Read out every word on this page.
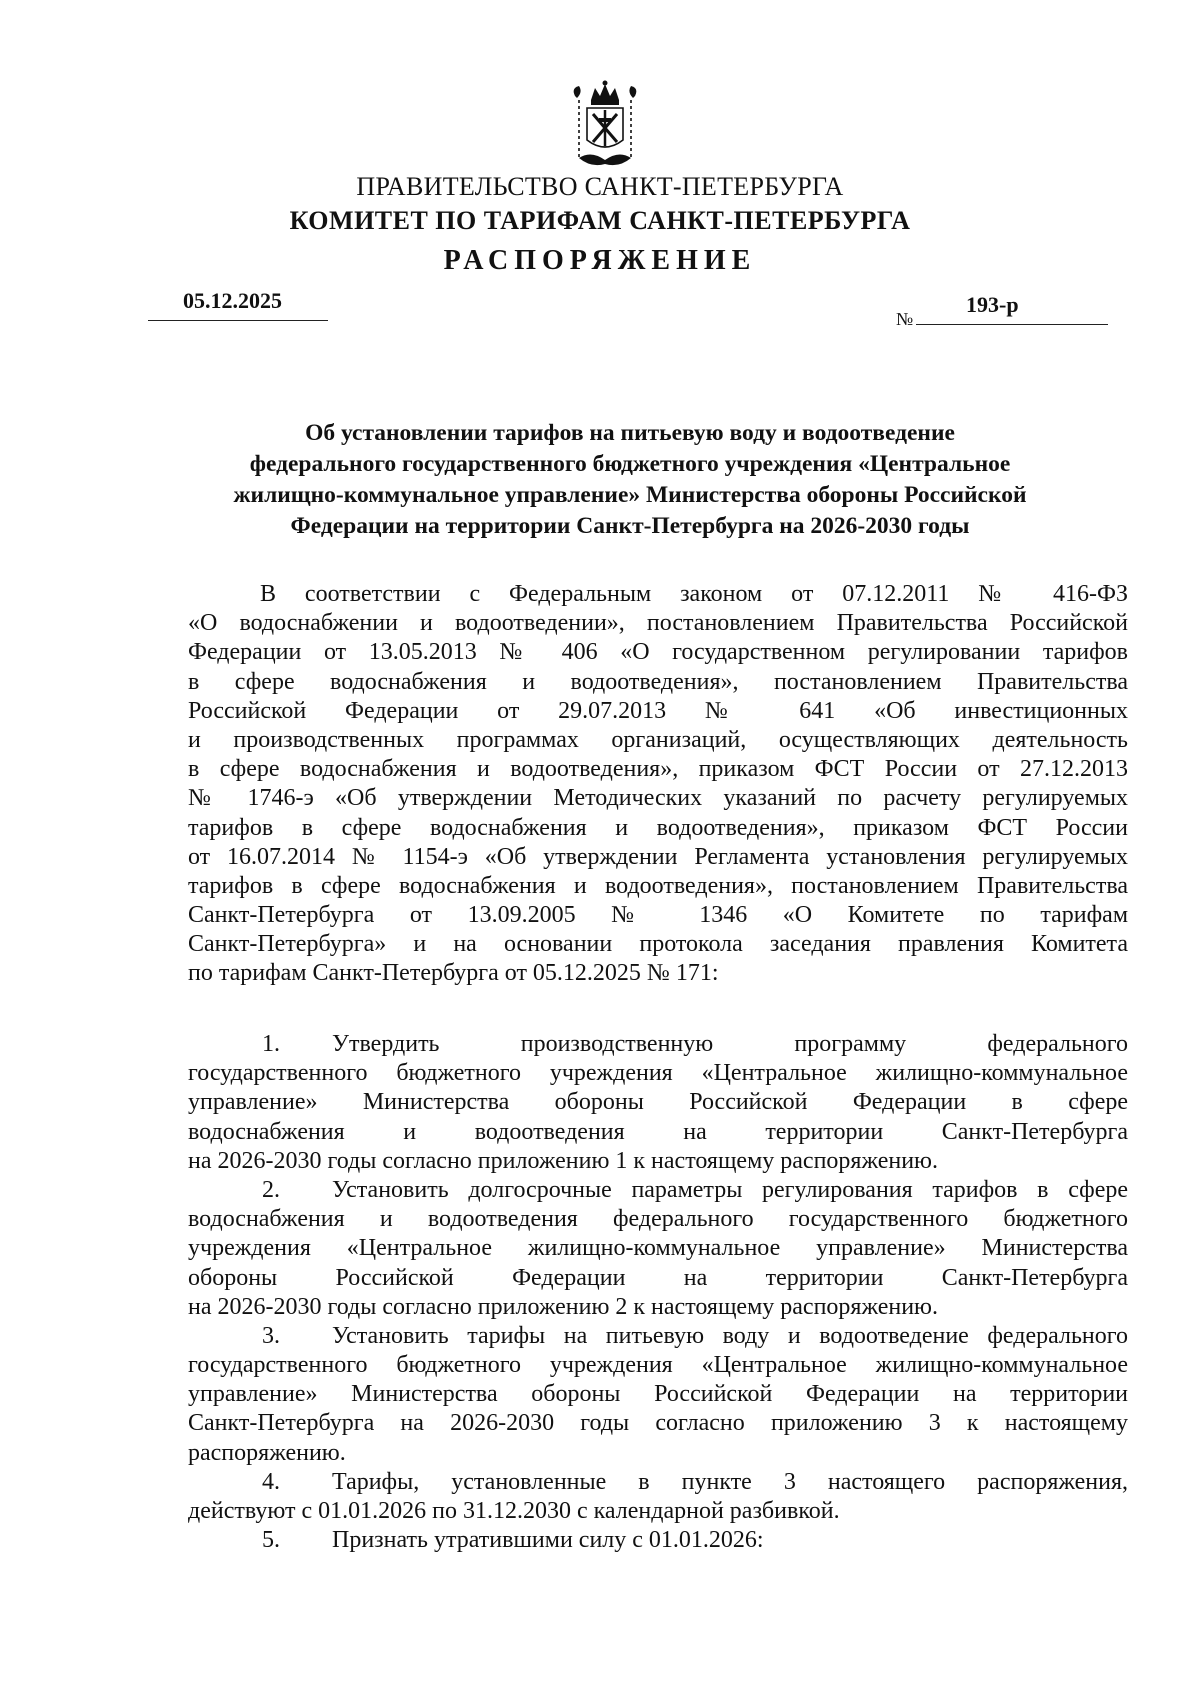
ПРАВИТЕЛЬСТВО САНКТ-ПЕТЕРБУРГА
КОМИТЕТ ПО ТАРИФАМ САНКТ-ПЕТЕРБУРГА
РАСПОРЯЖЕНИЕ
05.12.2025
№
193-р
Об установлении тарифов на питьевую воду и водоотведение
федерального государственного бюджетного учреждения «Центральное
жилищно-коммунальное управление» Министерства обороны Российской
Федерации на территории Санкт-Петербурга на 2026-2030 годы
В соответствии с Федеральным законом от 07.12.2011 № 416-ФЗ
«О водоснабжении и водоотведении», постановлением Правительства Российской
Федерации от 13.05.2013 № 406 «О государственном регулировании тарифов
в сфере водоснабжения и водоотведения», постановлением Правительства
Российской Федерации от 29.07.2013 № 641 «Об инвестиционных
и производственных программах организаций, осуществляющих деятельность
в сфере водоснабжения и водоотведения», приказом ФСТ России от 27.12.2013
№ 1746-э «Об утверждении Методических указаний по расчету регулируемых
тарифов в сфере водоснабжения и водоотведения», приказом ФСТ России
от 16.07.2014 № 1154-э «Об утверждении Регламента установления регулируемых
тарифов в сфере водоснабжения и водоотведения», постановлением Правительства
Санкт-Петербурга от 13.09.2005 № 1346 «О Комитете по тарифам
Санкт-Петербурга» и на основании протокола заседания правления Комитета
по тарифам Санкт-Петербурга от 05.12.2025 № 171:
1. Утвердить производственную программу федерального
государственного бюджетного учреждения «Центральное жилищно-коммунальное
управление» Министерства обороны Российской Федерации в сфере
водоснабжения и водоотведения на территории Санкт-Петербурга
на 2026-2030 годы согласно приложению 1 к настоящему распоряжению.
2. Установить долгосрочные параметры регулирования тарифов в сфере
водоснабжения и водоотведения федерального государственного бюджетного
учреждения «Центральное жилищно-коммунальное управление» Министерства
обороны Российской Федерации на территории Санкт-Петербурга
на 2026-2030 годы согласно приложению 2 к настоящему распоряжению.
3. Установить тарифы на питьевую воду и водоотведение федерального
государственного бюджетного учреждения «Центральное жилищно-коммунальное
управление» Министерства обороны Российской Федерации на территории
Санкт-Петербурга на 2026-2030 годы согласно приложению 3 к настоящему
распоряжению.
4. Тарифы, установленные в пункте 3 настоящего распоряжения,
действуют с 01.01.2026 по 31.12.2030 с календарной разбивкой.
5. Признать утратившими силу с 01.01.2026:
